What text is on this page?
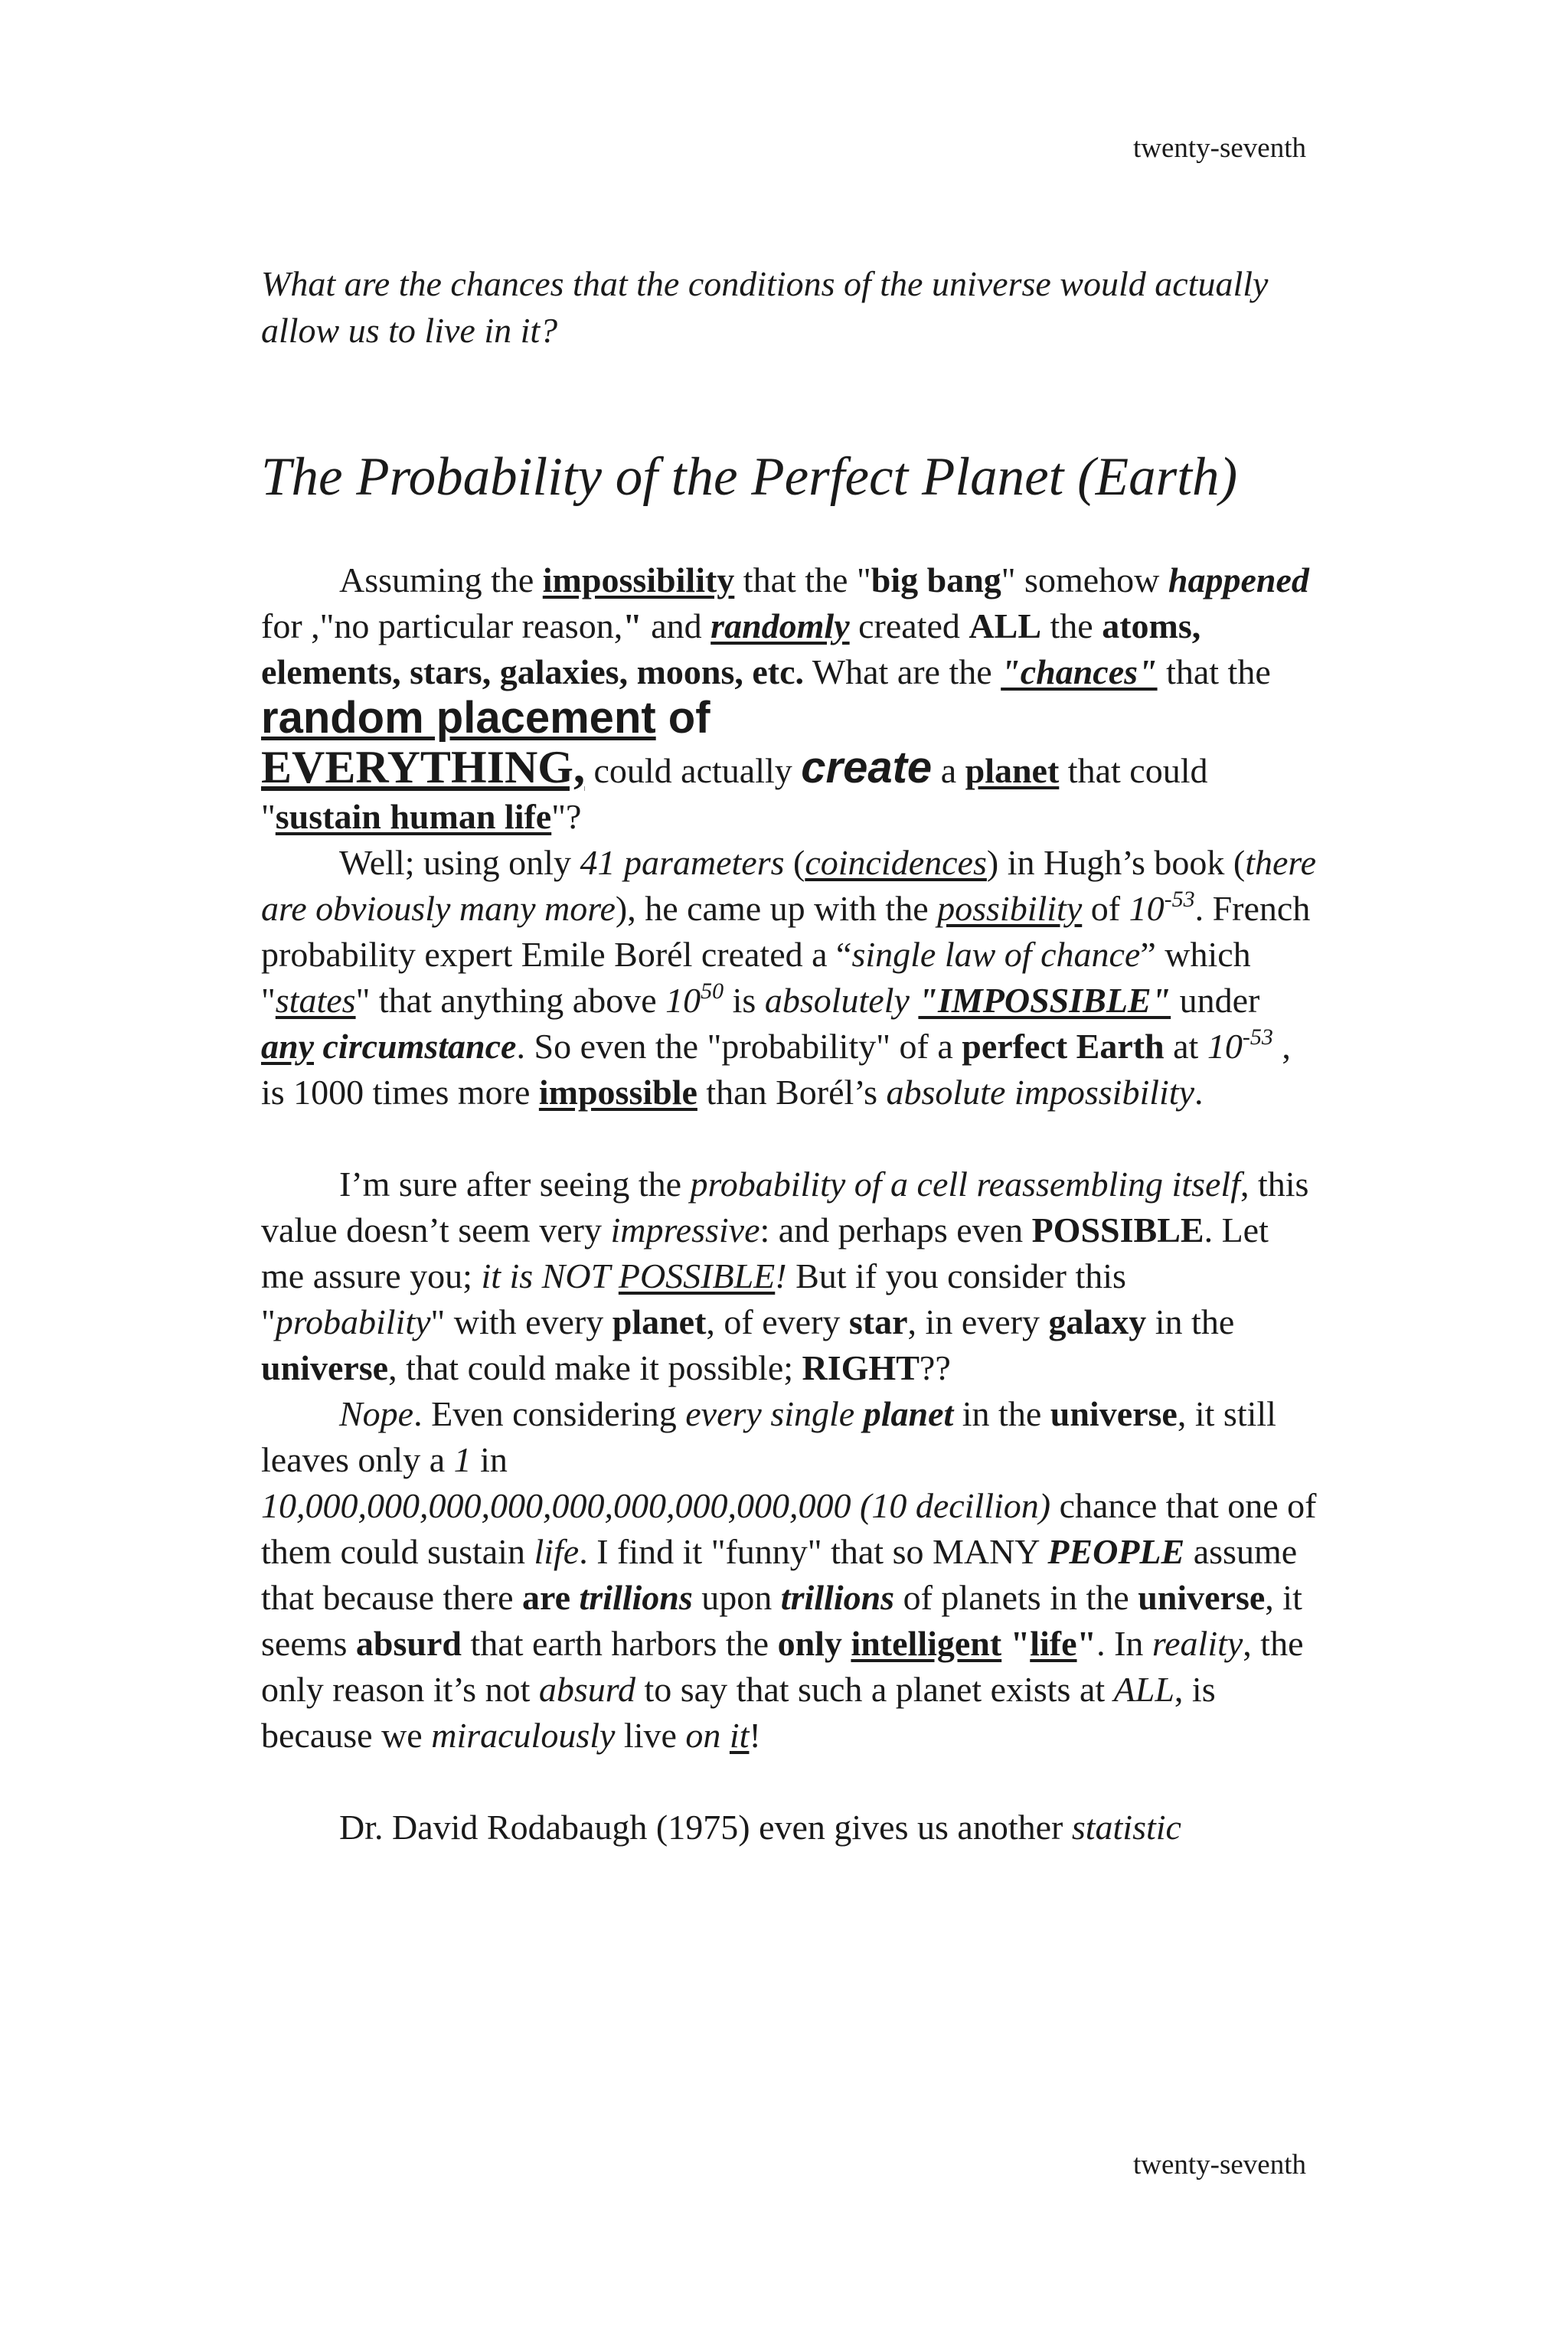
twenty-seventh
What are the chances that the conditions of the universe would actually allow us to live in it?
The Probability of the Perfect Planet (Earth)

Assuming the impossibility that the "big bang" somehow happened for ,"no particular reason," and randomly created ALL the atoms, elements, stars, galaxies, moons, etc. What are the "chances" that the random placement of
EVERYTHING, could actually create a planet that could "sustain human life"?

Well; using only 41 parameters (coincidences) in Hugh’s book (there are obviously many more), he came up with the possibility of $10^{-53}$. French probability expert Emile Borél created a “single law of chance” which "states" that anything above $10^{50}$ is absolutely "IMPOSSIBLE" under any circumstance. So even the "probability" of a perfect Earth at $10^{-53}$ , is 1000 times more impossible than Borél’s absolute impossibility.

I’m sure after seeing the probability of a cell reassembling itself, this value doesn’t seem very impressive: and perhaps even POSSIBLE. Let me assure you; it is NOT POSSIBLE! But if you consider this "probability" with every planet, of every star, in every galaxy in the universe, that could make it possible; RIGHT??

Nope. Even considering every single planet in the universe, it still leaves only a 1 in
10,000,000,000,000,000,000,000,000,000 (10 decillion) chance that one of them could sustain life. I find it "funny" that so MANY PEOPLE assume that because there are trillions upon trillions of planets in the universe, it seems absurd that earth harbors the only intelligent "life". In reality, the only reason it’s not absurd to say that such a planet exists at ALL, is because we miraculously live on it!

Dr. David Rodabaugh (1975) even gives us another statistic

twenty-seventh
